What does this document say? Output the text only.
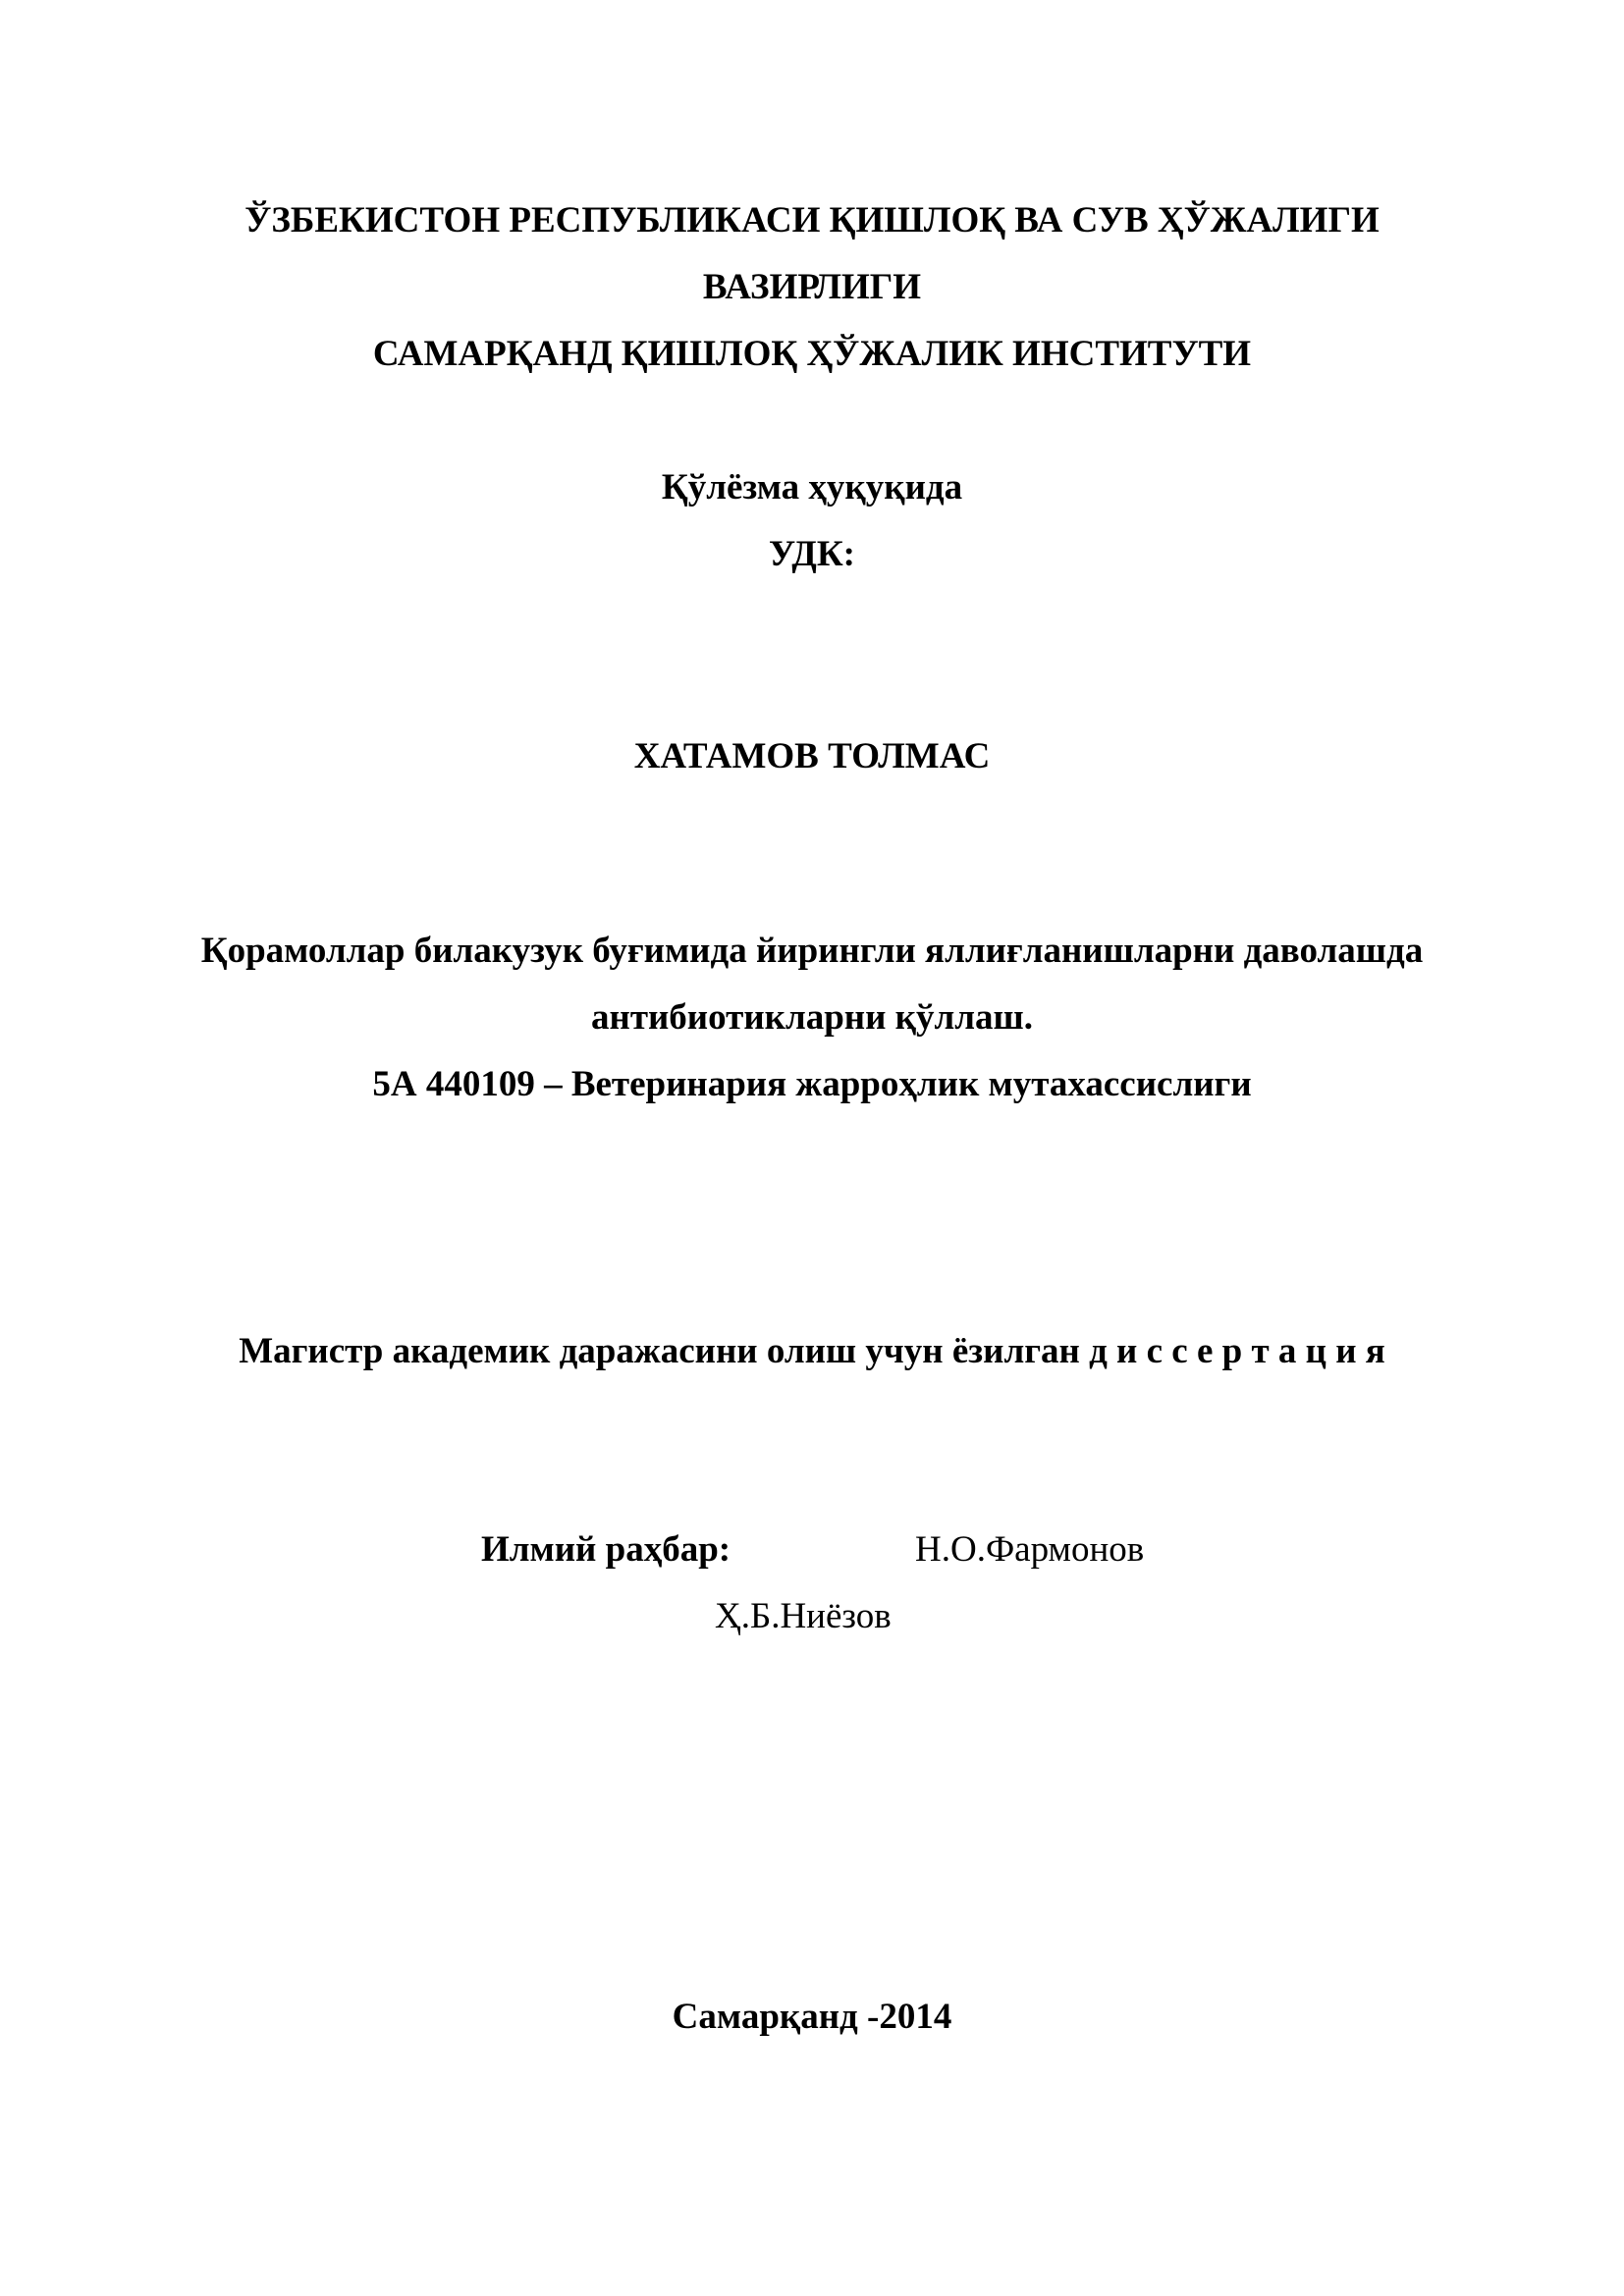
ЎЗБЕКИСТОН РЕСПУБЛИКАСИ ҚИШЛОҚ ВА СУВ ҲЎЖАЛИГИ
ВАЗИРЛИГИ
САМАРҚАНД ҚИШЛОҚ ҲЎЖАЛИК ИНСТИТУТИ
Қўлёзма ҳуқуқида
УДК:
ХАТАМОВ ТОЛМАС
Қорамоллар билакузук буғимида йирингли яллиғланишларни даволашда
антибиотикларни қўллаш.
5А 440109 – Ветеринария жарроҳлик мутахассислиги
Магистр академик даражасини олиш учун ёзилган д и с с е р т а ц и я
Илмий раҳбар:	Н.О.Фармонов
Ҳ.Б.Ниёзов
Самарқанд -2014
